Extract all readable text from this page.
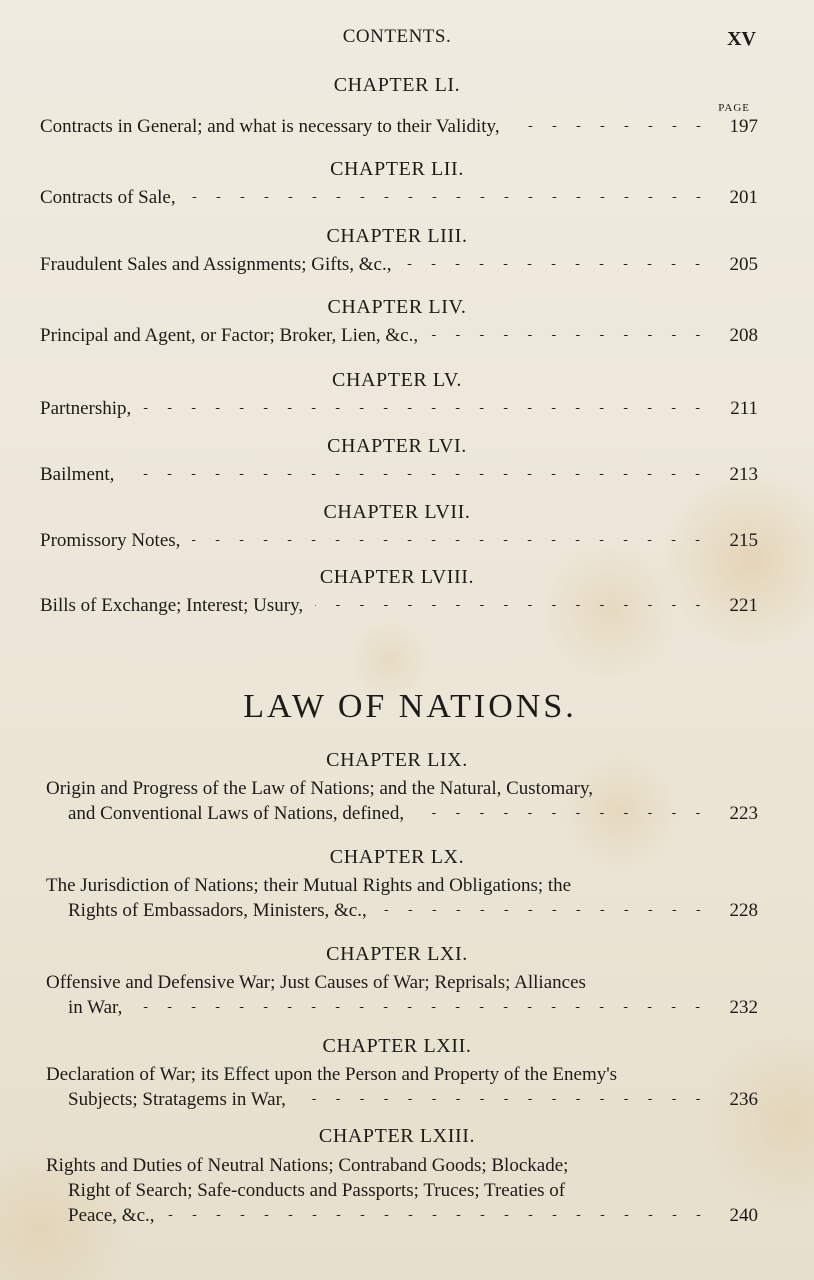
CONTENTS.	XV
PAGE
CHAPTER LI.
Contracts in General; and what is necessary to their Validity,	197
CHAPTER LII.
Contracts of Sale,	201
CHAPTER LIII.
Fraudulent Sales and Assignments; Gifts, &c.,	205
CHAPTER LIV.
Principal and Agent, or Factor; Broker, Lien, &c.,	208
CHAPTER LV.
Partnership,	211
CHAPTER LVI.
Bailment,	213
CHAPTER LVII.
Promissory Notes,	215
CHAPTER LVIII.
Bills of Exchange; Interest; Usury,	221
LAW OF NATIONS.
CHAPTER LIX.
Origin and Progress of the Law of Nations; and the Natural, Customary,
and Conventional Laws of Nations, defined,	223
CHAPTER LX.
The Jurisdiction of Nations; their Mutual Rights and Obligations; the
Rights of Embassadors, Ministers, &c.,	228
CHAPTER LXI.
Offensive and Defensive War; Just Causes of War; Reprisals; Alliances
in War,	232
CHAPTER LXII.
Declaration of War; its Effect upon the Person and Property of the Enemy's
Subjects; Stratagems in War,	236
CHAPTER LXIII.
Rights and Duties of Neutral Nations; Contraband Goods; Blockade;
Right of Search; Safe-conducts and Passports; Truces; Treaties of
Peace, &c.,	240
